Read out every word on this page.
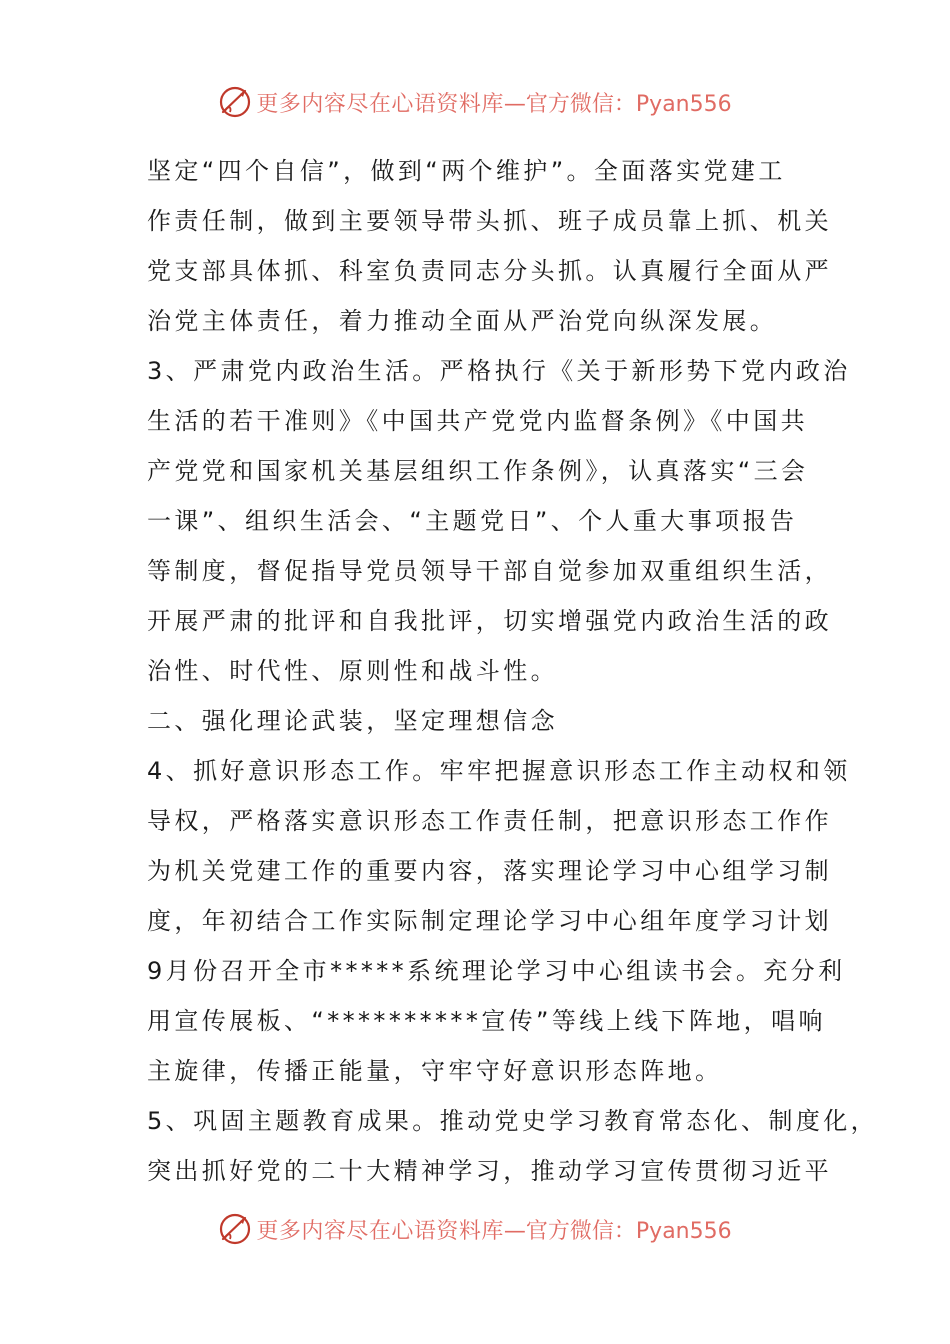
更多内容尽在心语资料库 —官方微信：Pyan556
坚定“四个自信”，做到“两个维护”。全面落实党建工
作责任制，做到主要领导带头抓、班子成员靠上抓、机关
党支部具体抓、科室负责同志分头抓。认真履行全面从严
治党主体责任，着力推动全面从严治党向纵深发展。
3、严肃党内政治生活。严格执行《关于新形势下党内政治
生活的若干准则》《中国共产党党内监督条例》《中国共
产党党和国家机关基层组织工作条例》，认真落实“三会
一课”、组织生活会、“主题党日”、个人重大事项报告
等制度，督促指导党员领导干部自觉参加双重组织生活，
开展严肃的批评和自我批评，切实增强党内政治生活的政
治性、时代性、原则性和战斗性。
二、强化理论武装，坚定理想信念
4、抓好意识形态工作。牢牢把握意识形态工作主动权和领
导权，严格落实意识形态工作责任制，把意识形态工作作
为机关党建工作的重要内容，落实理论学习中心组学习制
度，年初结合工作实际制定理论学习中心组年度学习计划
9月份召开全市*****系统理论学习中心组读书会。充分利
用宣传展板、“**********宣传”等线上线下阵地，唱响
主旋律，传播正能量，守牢守好意识形态阵地。
5、巩固主题教育成果。推动党史学习教育常态化、制度化，
突出抓好党的二十大精神学习，推动学习宣传贯彻习近平
更多内容尽在心语资料库 —官方微信：Pyan556
